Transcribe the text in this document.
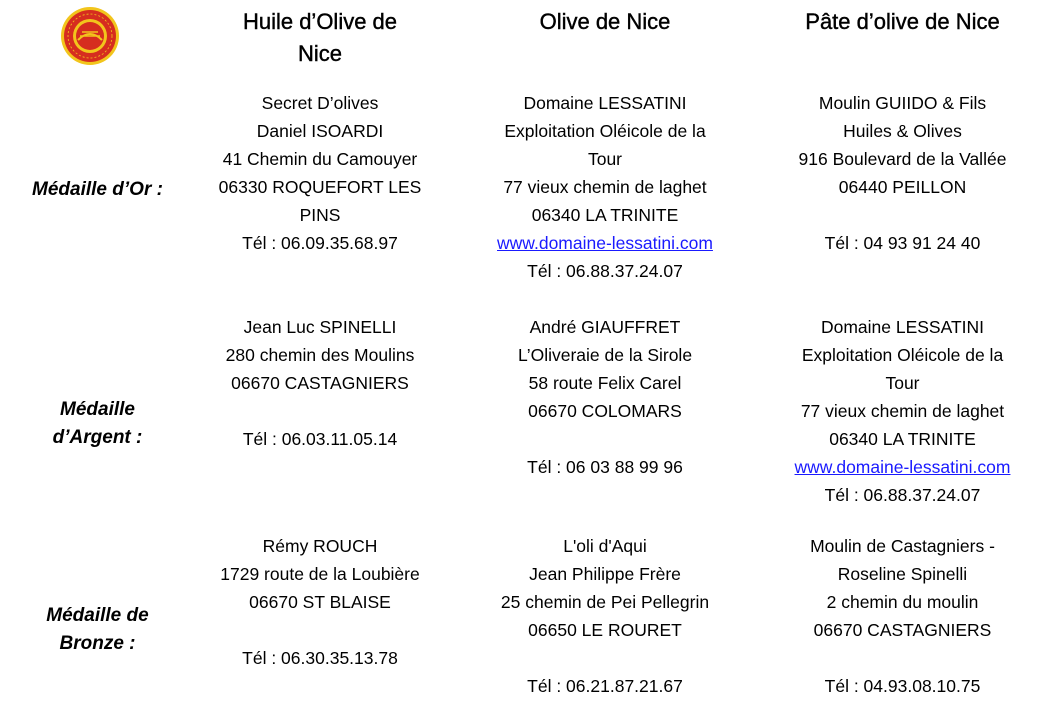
Huile d’Olive de
Nice
Olive de Nice	Pâte d’olive de Nice
Médaille d’Or :
Médaille
d’Argent :
Médaille de
Bronze :
Secret D’olives
Daniel ISOARDI
41 Chemin du Camouyer
06330 ROQUEFORT LES
PINS
Tél : 06.09.35.68.97
Domaine LESSATINI
Exploitation Oléicole de la
Tour
77 vieux chemin de laghet
06340 LA TRINITE
www.domaine-lessatini.com
Tél : 06.88.37.24.07
Moulin GUIIDO & Fils
Huiles & Olives
916 Boulevard de la Vallée
06440 PEILLON
Tél : 04 93 91 24 40
Jean Luc SPINELLI
280 chemin des Moulins
06670 CASTAGNIERS
Tél : 06.03.11.05.14
André GIAUFFRET
L’Oliveraie de la Sirole
58 route Felix Carel
06670 COLOMARS
Tél : 06 03 88 99 96
Domaine LESSATINI
Exploitation Oléicole de la
Tour
77 vieux chemin de laghet
06340 LA TRINITE
www.domaine-lessatini.com
Tél : 06.88.37.24.07
Rémy ROUCH
1729 route de la Loubière
06670 ST BLAISE
Tél : 06.30.35.13.78
L'oli d'Aqui
Jean Philippe Frère
25 chemin de Pei Pellegrin
06650 LE ROURET
Tél : 06.21.87.21.67
Moulin de Castagniers -
Roseline Spinelli
2 chemin du moulin
06670 CASTAGNIERS
Tél : 04.93.08.10.75
